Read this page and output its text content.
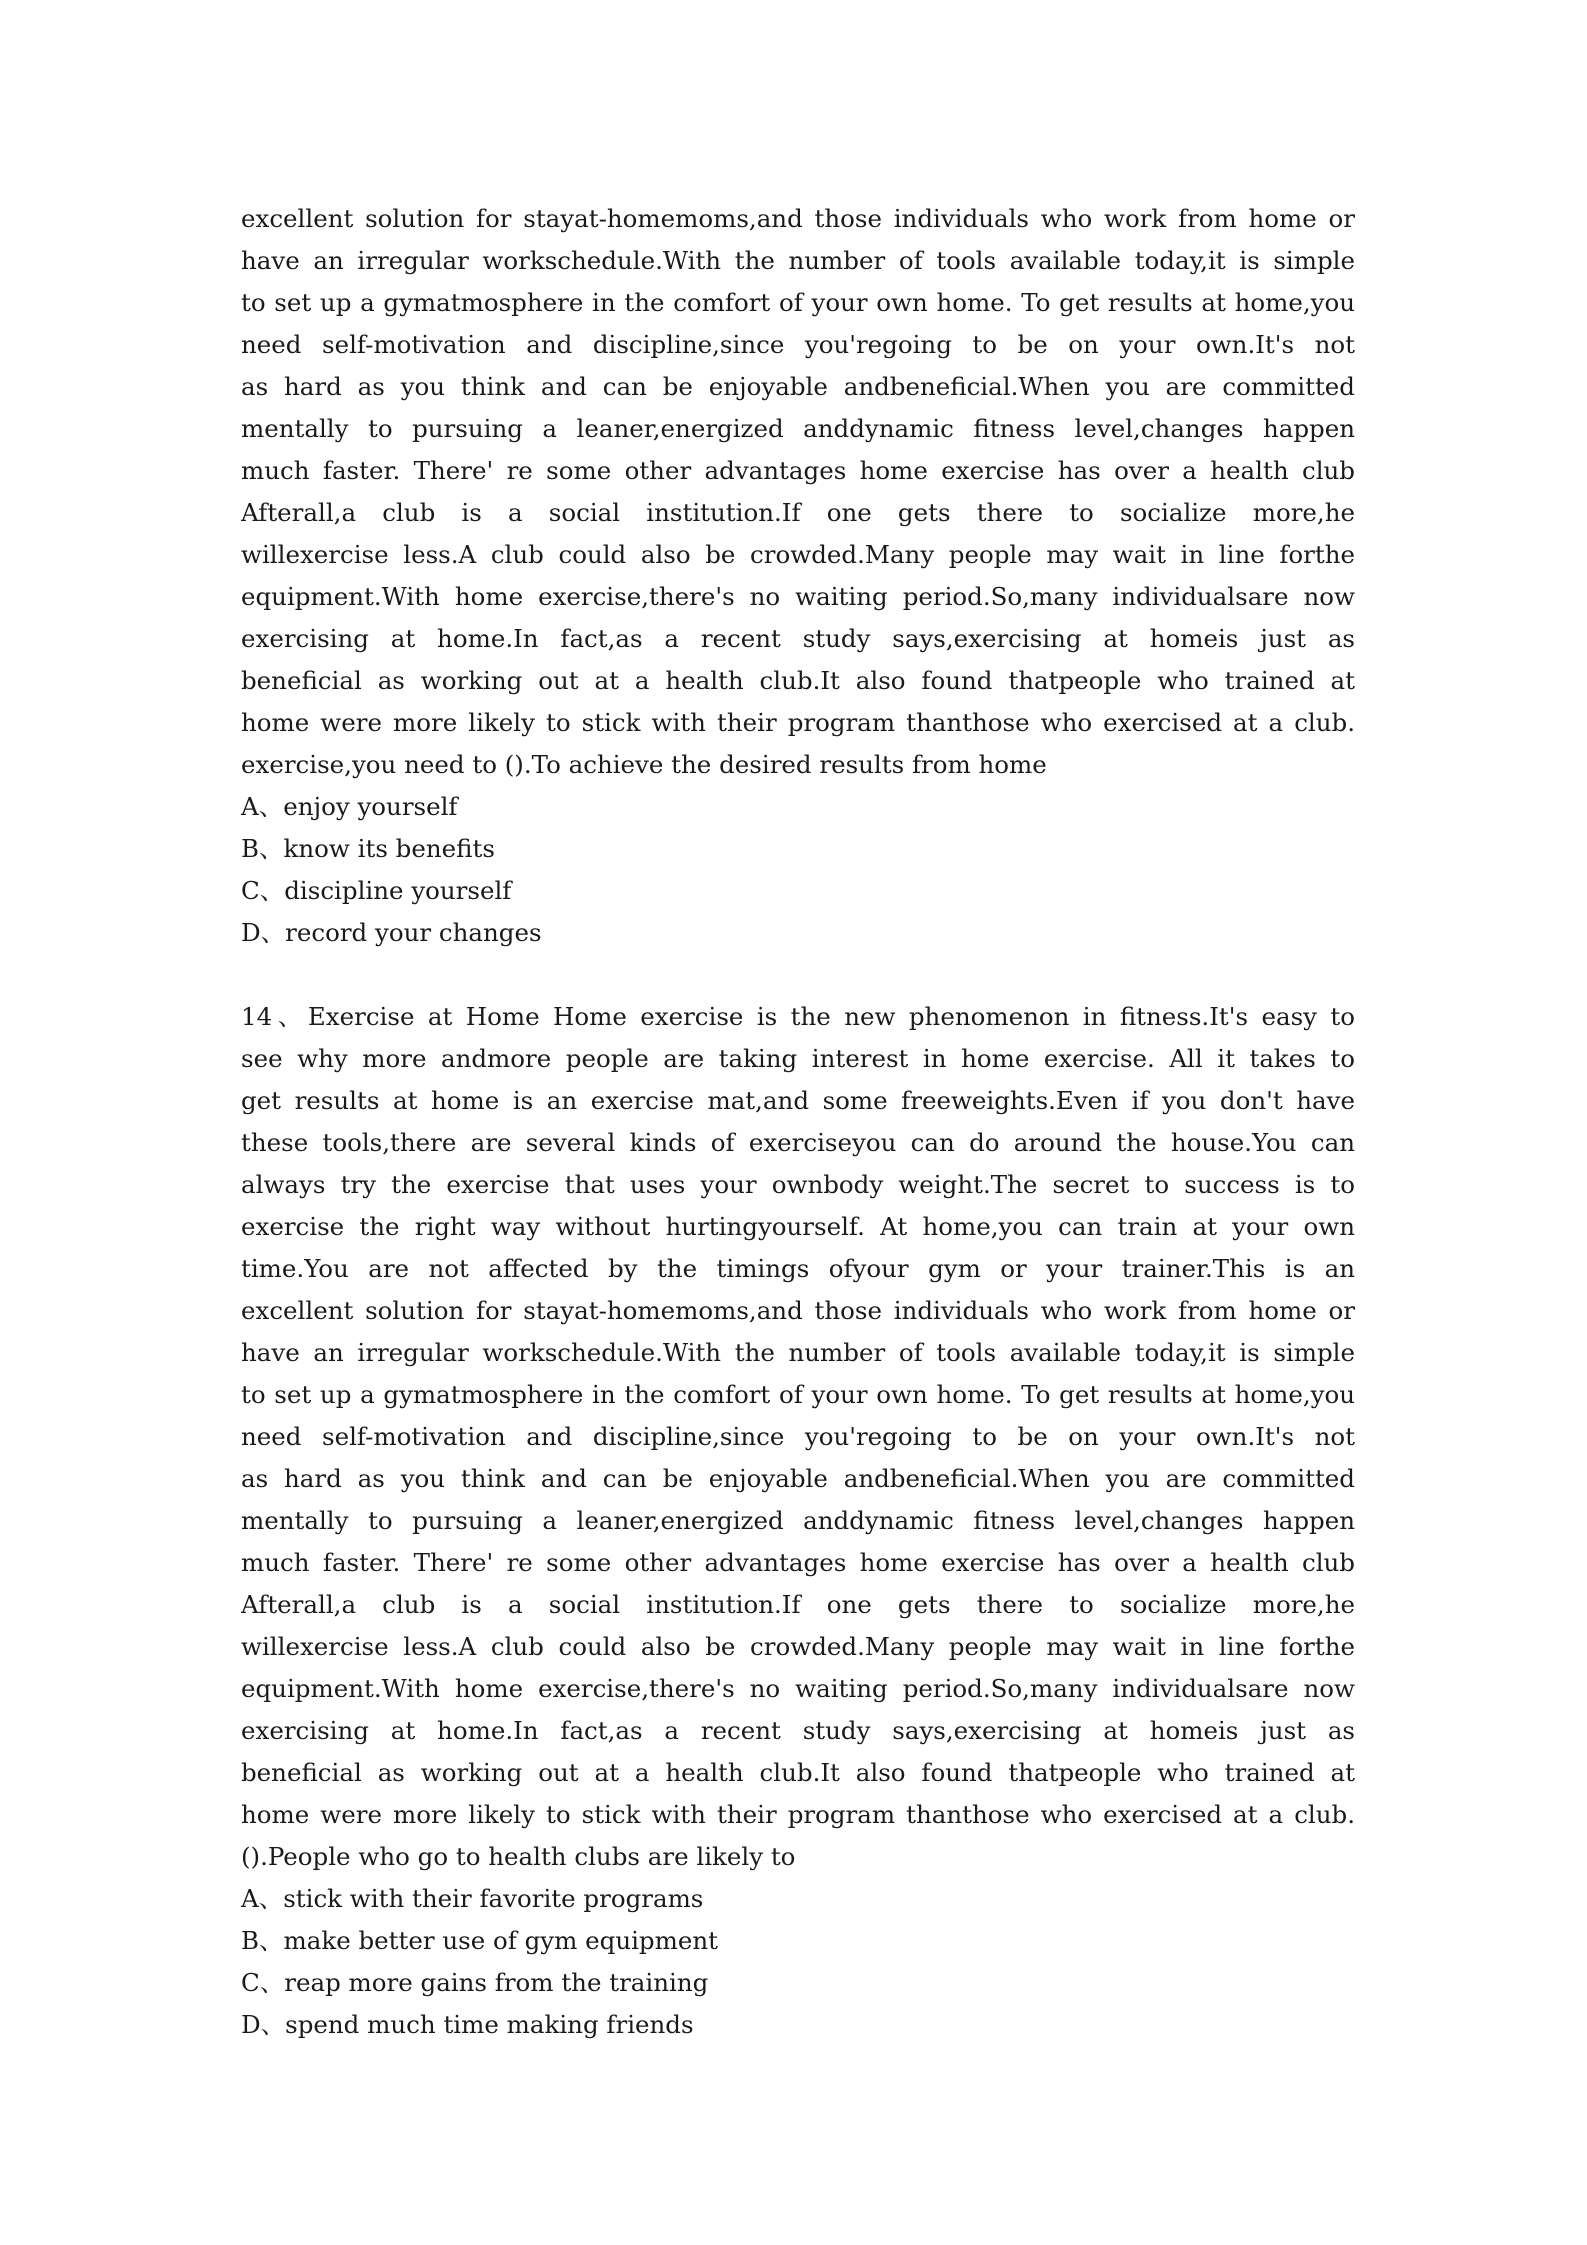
excellent solution for stayat-homemoms,and those individuals who work from home or
have an irregular workschedule.With the number of tools available today,it is simple
to set up a gymatmosphere in the comfort of your own home. To get results at home,you
need self-motivation and discipline,since you'regoing to be on your own.It's not
as hard as you think and can be enjoyable andbeneficial.When you are committed
mentally to pursuing a leaner,energized anddynamic fitness level,changes happen
much faster. There' re some other advantages home exercise has over a health club
Afterall,a club is a social institution.If one gets there to socialize more,he
willexercise less.A club could also be crowded.Many people may wait in line forthe
equipment.With home exercise,there's no waiting period.So,many individualsare now
exercising at home.In fact,as a recent study says,exercising at homeis just as
beneficial as working out at a health club.It also found thatpeople who trained at
home were more likely to stick with their program thanthose who exercised at a club.
exercise,you need to ().To achieve the desired results from home
A、enjoy yourself
B、know its benefits
C、discipline yourself
D、record your changes
14、Exercise at Home Home exercise is the new phenomenon in fitness.It's easy to
see why more andmore people are taking interest in home exercise. All it takes to
get results at home is an exercise mat,and some freeweights.Even if you don't have
these tools,there are several kinds of exerciseyou can do around the house.You can
always try the exercise that uses your ownbody weight.The secret to success is to
exercise the right way without hurtingyourself. At home,you can train at your own
time.You are not affected by the timings ofyour gym or your trainer.This is an
excellent solution for stayat-homemoms,and those individuals who work from home or
have an irregular workschedule.With the number of tools available today,it is simple
to set up a gymatmosphere in the comfort of your own home. To get results at home,you
need self-motivation and discipline,since you'regoing to be on your own.It's not
as hard as you think and can be enjoyable andbeneficial.When you are committed
mentally to pursuing a leaner,energized anddynamic fitness level,changes happen
much faster. There' re some other advantages home exercise has over a health club
Afterall,a club is a social institution.If one gets there to socialize more,he
willexercise less.A club could also be crowded.Many people may wait in line forthe
equipment.With home exercise,there's no waiting period.So,many individualsare now
exercising at home.In fact,as a recent study says,exercising at homeis just as
beneficial as working out at a health club.It also found thatpeople who trained at
home were more likely to stick with their program thanthose who exercised at a club.
().People who go to health clubs are likely to
A、stick with their favorite programs
B、make better use of gym equipment
C、reap more gains from the training
D、spend much time making friends
